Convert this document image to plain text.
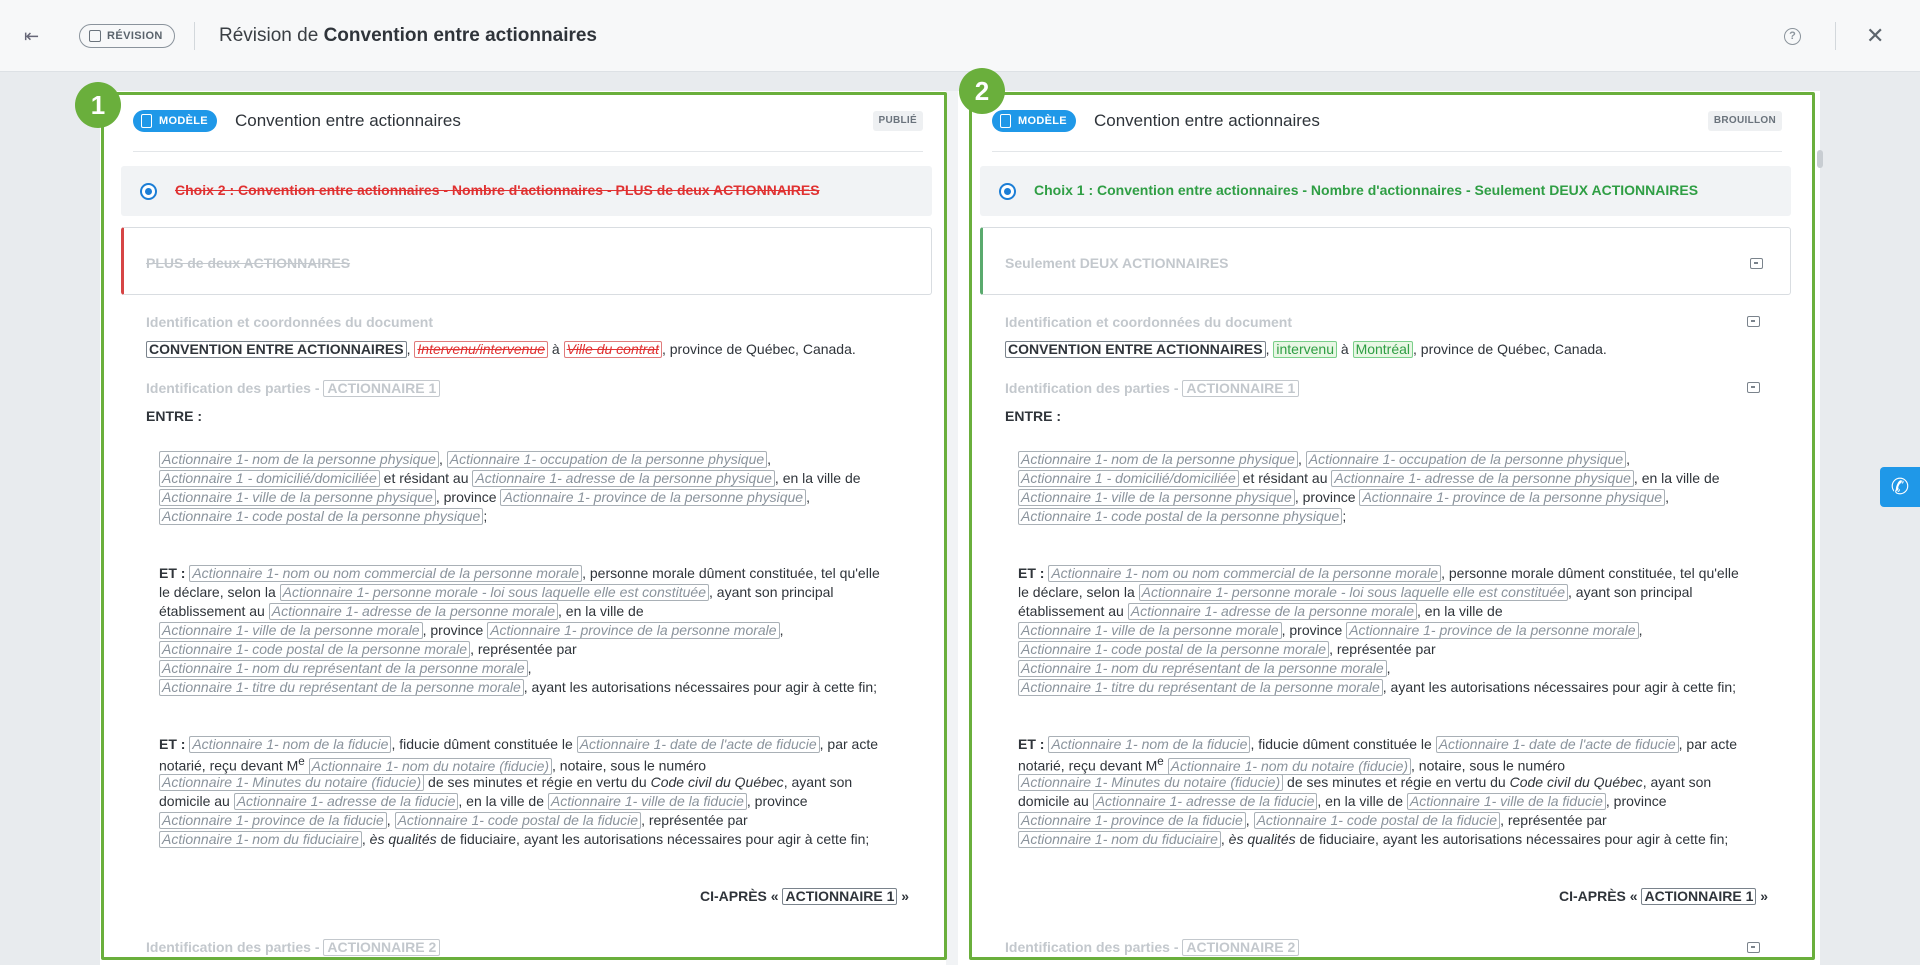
⇤	RÉVISION	Révision de Convention entre actionnaires	?	✕
MODÈLE	Convention entre actionnaires	PUBLIÉ
Choix 2 : Convention entre actionnaires - Nombre d'actionnaires - PLUS de deux ACTIONNAIRES
PLUS de deux ACTIONNAIRES
Identification et coordonnées du document
CONVENTION ENTRE ACTIONNAIRES , Intervenu/intervenue à Ville du contrat , province de Québec, Canada.
Identification des parties - ACTIONNAIRE 1
ENTRE :
Actionnaire 1- nom de la personne physique , Actionnaire 1- occupation de la personne physique ,
Actionnaire 1 - domicilié/domiciliée et résidant au Actionnaire 1- adresse de la personne physique , en la ville de
Actionnaire 1- ville de la personne physique , province Actionnaire 1- province de la personne physique ,
Actionnaire 1- code postal de la personne physique ;
ET : Actionnaire 1- nom ou nom commercial de la personne morale , personne morale dûment constituée, tel qu'elle
le déclare, selon la Actionnaire 1- personne morale - loi sous laquelle elle est constituée , ayant son principal
établissement au Actionnaire 1- adresse de la personne morale , en la ville de
Actionnaire 1- ville de la personne morale , province Actionnaire 1- province de la personne morale ,
Actionnaire 1- code postal de la personne morale , représentée par
Actionnaire 1- nom du représentant de la personne morale ,
Actionnaire 1- titre du représentant de la personne morale , ayant les autorisations nécessaires pour agir à cette fin;
ET : Actionnaire 1- nom de la fiducie , fiducie dûment constituée le Actionnaire 1- date de l'acte de fiducie , par acte
notarié, reçu devant Me Actionnaire 1- nom du notaire (fiducie) , notaire, sous le numéro
Actionnaire 1- Minutes du notaire (fiducie) de ses minutes et régie en vertu du Code civil du Québec, ayant son
domicile au Actionnaire 1- adresse de la fiducie , en la ville de Actionnaire 1- ville de la fiducie , province
Actionnaire 1- province de la fiducie , Actionnaire 1- code postal de la fiducie , représentée par
Actionnaire 1- nom du fiduciaire , ès qualités de fiduciaire, ayant les autorisations nécessaires pour agir à cette fin;
CI-APRÈS « ACTIONNAIRE 1 »
Identification des parties - ACTIONNAIRE 2
MODÈLE	Convention entre actionnaires	BROUILLON
Choix 1 : Convention entre actionnaires - Nombre d'actionnaires - Seulement DEUX ACTIONNAIRES
Seulement DEUX ACTIONNAIRES
Identification et coordonnées du document
CONVENTION ENTRE ACTIONNAIRES , intervenu à Montréal , province de Québec, Canada.
Identification des parties - ACTIONNAIRE 1
ENTRE :
Actionnaire 1- nom de la personne physique , Actionnaire 1- occupation de la personne physique ,
Actionnaire 1 - domicilié/domiciliée et résidant au Actionnaire 1- adresse de la personne physique , en la ville de
Actionnaire 1- ville de la personne physique , province Actionnaire 1- province de la personne physique ,
Actionnaire 1- code postal de la personne physique ;
ET : Actionnaire 1- nom ou nom commercial de la personne morale , personne morale dûment constituée, tel qu'elle
le déclare, selon la Actionnaire 1- personne morale - loi sous laquelle elle est constituée , ayant son principal
établissement au Actionnaire 1- adresse de la personne morale , en la ville de
Actionnaire 1- ville de la personne morale , province Actionnaire 1- province de la personne morale ,
Actionnaire 1- code postal de la personne morale , représentée par
Actionnaire 1- nom du représentant de la personne morale ,
Actionnaire 1- titre du représentant de la personne morale , ayant les autorisations nécessaires pour agir à cette fin;
ET : Actionnaire 1- nom de la fiducie , fiducie dûment constituée le Actionnaire 1- date de l'acte de fiducie , par acte
notarié, reçu devant Me Actionnaire 1- nom du notaire (fiducie) , notaire, sous le numéro
Actionnaire 1- Minutes du notaire (fiducie) de ses minutes et régie en vertu du Code civil du Québec, ayant son
domicile au Actionnaire 1- adresse de la fiducie , en la ville de Actionnaire 1- ville de la fiducie , province
Actionnaire 1- province de la fiducie , Actionnaire 1- code postal de la fiducie , représentée par
Actionnaire 1- nom du fiduciaire , ès qualités de fiduciaire, ayant les autorisations nécessaires pour agir à cette fin;
CI-APRÈS « ACTIONNAIRE 1 »
Identification des parties - ACTIONNAIRE 2
✆
1	2
